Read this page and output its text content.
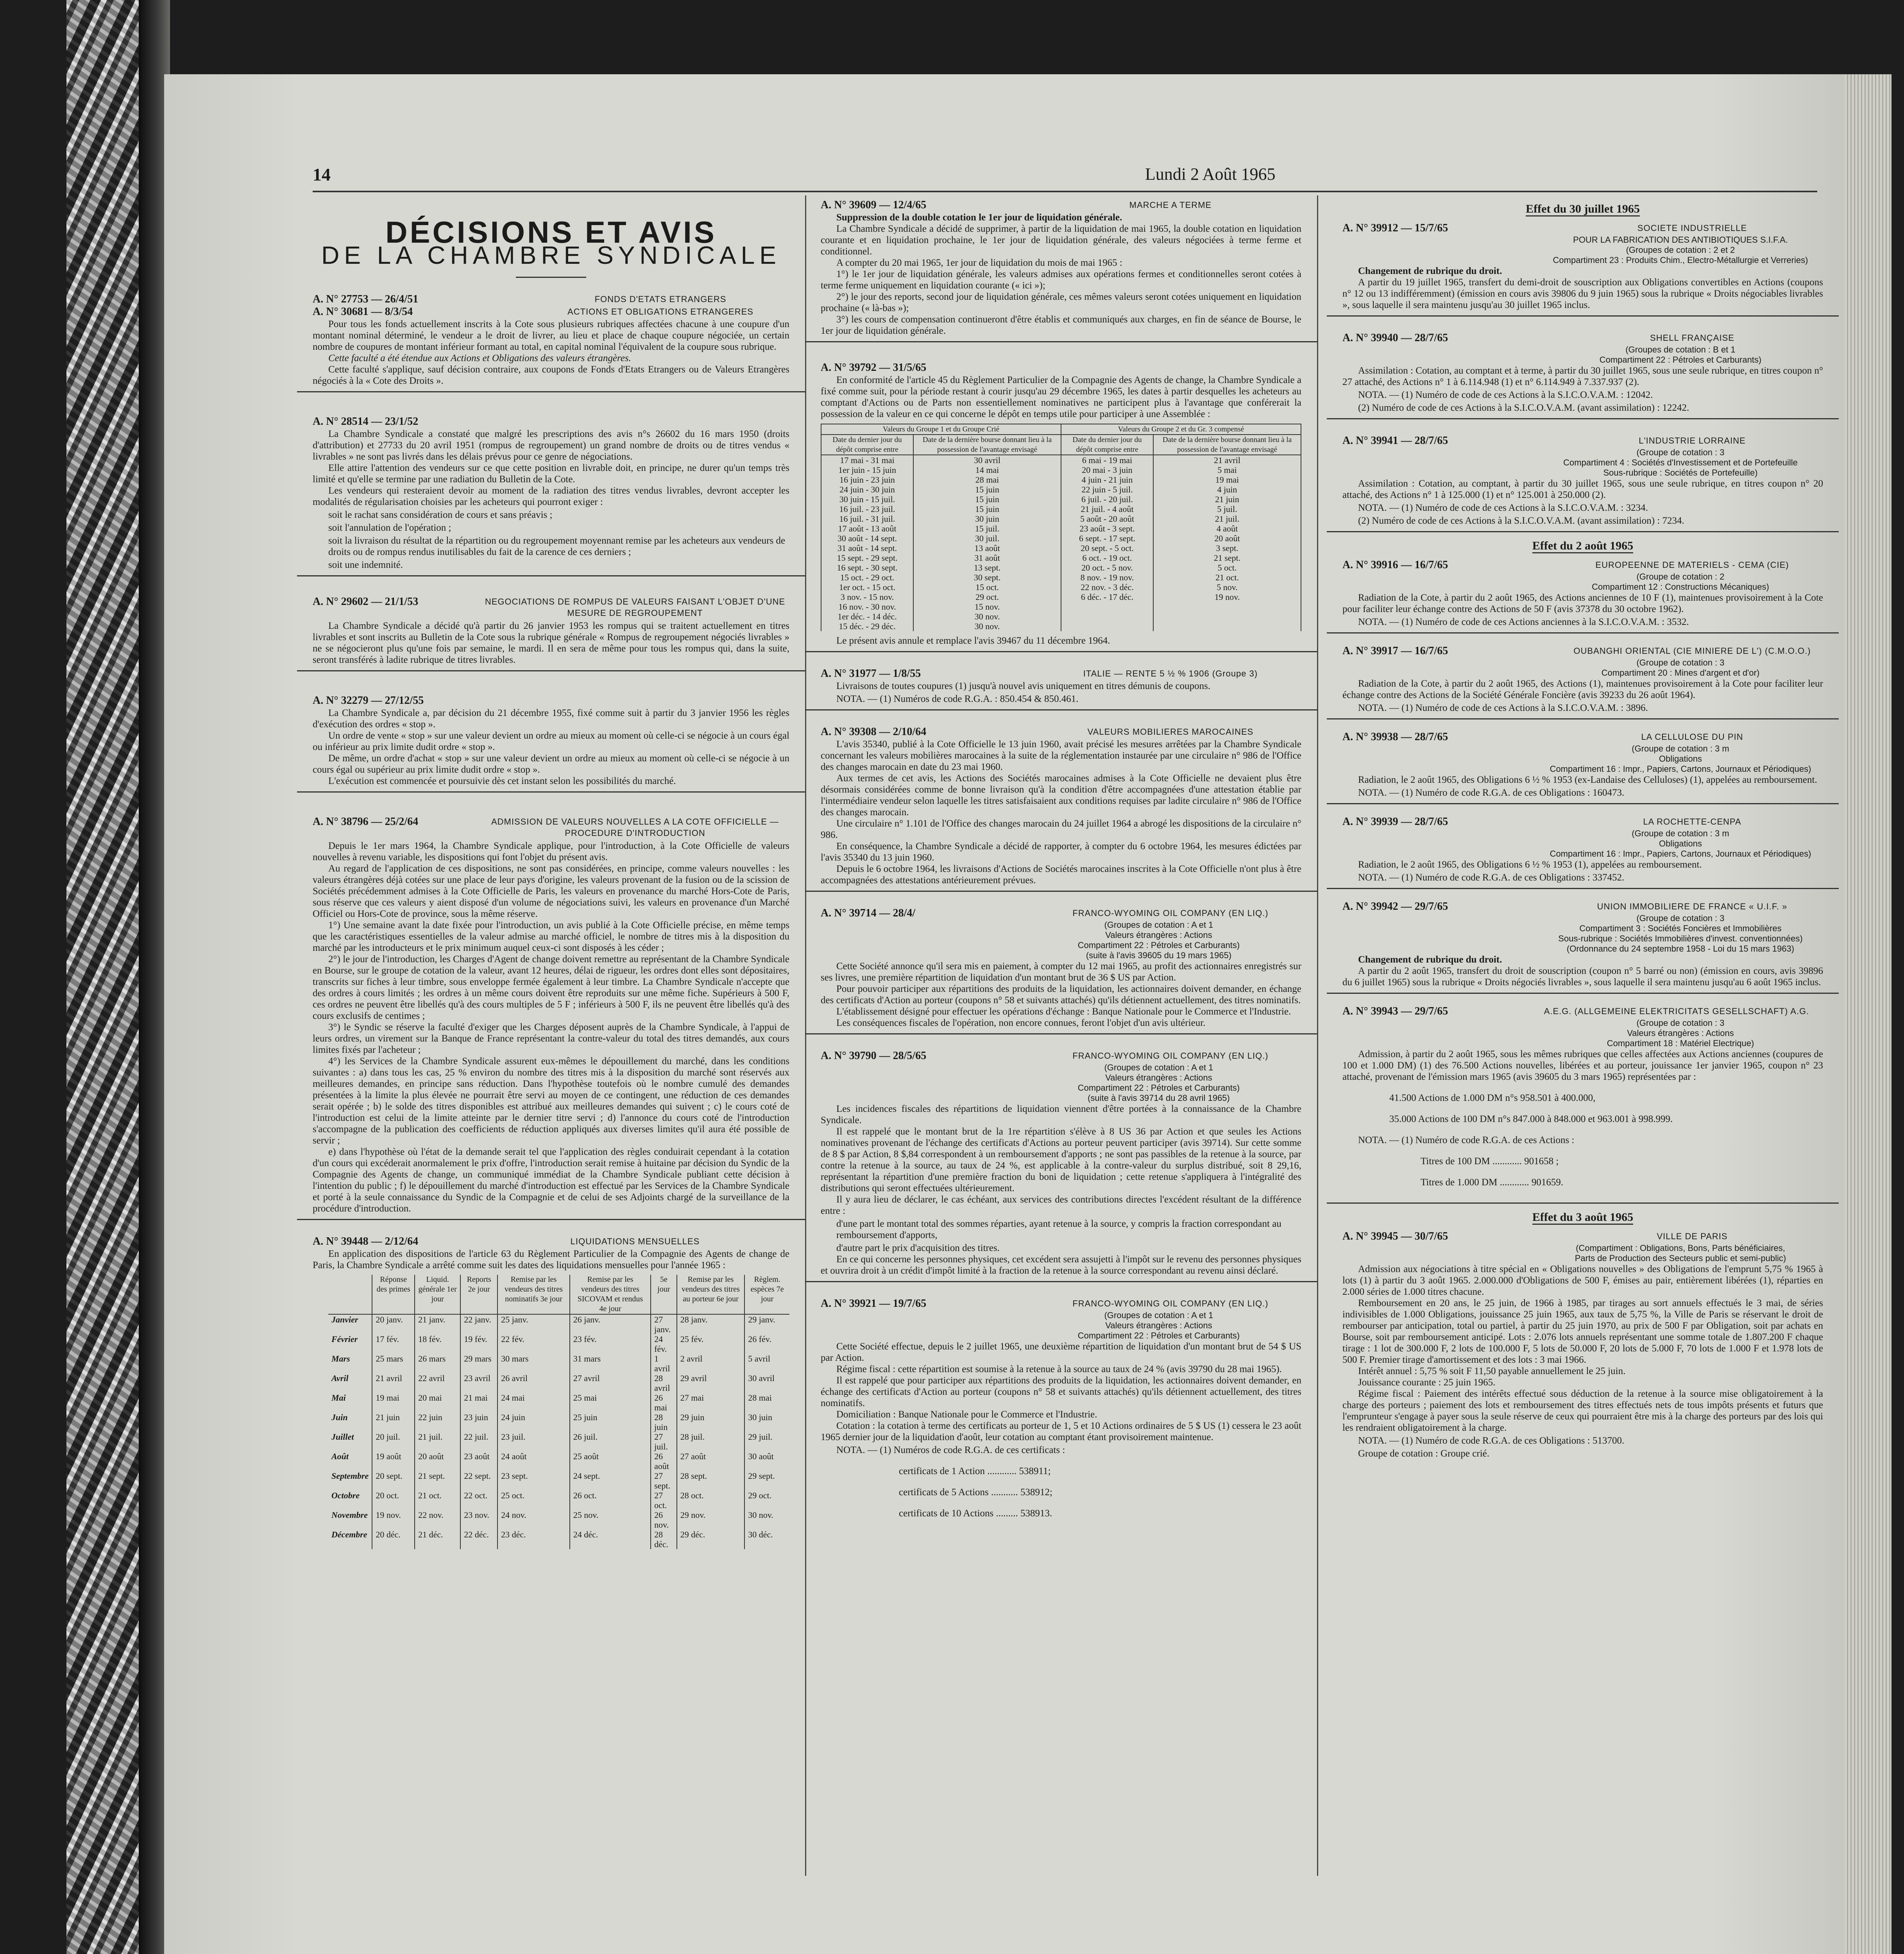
14	Lundi 2 Août 1965
DÉCISIONS ET AVIS
DE LA CHAMBRE SYNDICALE
A. N° 27753 — 26/4/51	FONDS D'ETATS ETRANGERS
A. N° 30681 — 8/3/54	ACTIONS ET OBLIGATIONS ETRANGERES

Pour tous les fonds actuellement inscrits à la Cote sous plusieurs rubriques affectées chacune à une coupure d'un montant nominal déterminé, le vendeur a le droit de livrer, au lieu et place de chaque coupure négociée, un certain nombre de coupures de montant inférieur formant au total, en capital nominal l'équivalent de la coupure sous rubrique.

Cette faculté a été étendue aux Actions et Obligations des valeurs étrangères.

Cette faculté s'applique, sauf décision contraire, aux coupons de Fonds d'Etats Etrangers ou de Valeurs Etrangères négociés à la « Cote des Droits ».

A. N° 28514 — 23/1/52

La Chambre Syndicale a constaté que malgré les prescriptions des avis n°s 26602 du 16 mars 1950 (droits d'attribution) et 27733 du 20 avril 1951 (rompus de regroupement) un grand nombre de droits ou de titres vendus « livrables » ne sont pas livrés dans les délais prévus pour ce genre de négociations.

Elle attire l'attention des vendeurs sur ce que cette position en livrable doit, en principe, ne durer qu'un temps très limité et qu'elle se termine par une radiation du Bulletin de la Cote.

Les vendeurs qui resteraient devoir au moment de la radiation des titres vendus livrables, devront accepter les modalités de régularisation choisies par les acheteurs qui pourront exiger :

soit le rachat sans considération de cours et sans préavis ;

soit l'annulation de l'opération ;

soit la livraison du résultat de la répartition ou du regroupement moyennant remise par les acheteurs aux vendeurs de droits ou de rompus rendus inutilisables du fait de la carence de ces derniers ;

soit une indemnité.

A. N° 29602 — 21/1/53	NEGOCIATIONS DE ROMPUS DE VALEURS FAISANT L'OBJET D'UNE MESURE DE REGROUPEMENT

La Chambre Syndicale a décidé qu'à partir du 26 janvier 1953 les rompus qui se traitent actuellement en titres livrables et sont inscrits au Bulletin de la Cote sous la rubrique générale « Rompus de regroupement négociés livrables » ne se négocieront plus qu'une fois par semaine, le mardi. Il en sera de même pour tous les rompus qui, dans la suite, seront transférés à ladite rubrique de titres livrables.

A. N° 32279 — 27/12/55

La Chambre Syndicale a, par décision du 21 décembre 1955, fixé comme suit à partir du 3 janvier 1956 les règles d'exécution des ordres « stop ».

Un ordre de vente « stop » sur une valeur devient un ordre au mieux au moment où celle-ci se négocie à un cours égal ou inférieur au prix limite dudit ordre « stop ».

De même, un ordre d'achat « stop » sur une valeur devient un ordre au mieux au moment où celle-ci se négocie à un cours égal ou supérieur au prix limite dudit ordre « stop ».

L'exécution est commencée et poursuivie dès cet instant selon les possibilités du marché.

A. N° 38796 — 25/2/64	ADMISSION DE VALEURS NOUVELLES A LA COTE OFFICIELLE — PROCEDURE D'INTRODUCTION

Depuis le 1er mars 1964, la Chambre Syndicale applique, pour l'introduction, à la Cote Officielle de valeurs nouvelles à revenu variable, les dispositions qui font l'objet du présent avis.

Au regard de l'application de ces dispositions, ne sont pas considérées, en principe, comme valeurs nouvelles : les valeurs étrangères déjà cotées sur une place de leur pays d'origine, les valeurs provenant de la fusion ou de la scission de Sociétés précédemment admises à la Cote Officielle de Paris, les valeurs en provenance du marché Hors-Cote de Paris, sous réserve que ces valeurs y aient disposé d'un volume de négociations suivi, les valeurs en provenance d'un Marché Officiel ou Hors-Cote de province, sous la même réserve.

1°) Une semaine avant la date fixée pour l'introduction, un avis publié à la Cote Officielle précise, en même temps que les caractéristiques essentielles de la valeur admise au marché officiel, le nombre de titres mis à la disposition du marché par les introducteurs et le prix minimum auquel ceux-ci sont disposés à les céder ;

2°) le jour de l'introduction, les Charges d'Agent de change doivent remettre au représentant de la Chambre Syndicale en Bourse, sur le groupe de cotation de la valeur, avant 12 heures, délai de rigueur, les ordres dont elles sont dépositaires, transcrits sur fiches à leur timbre, sous enveloppe fermée également à leur timbre. La Chambre Syndicale n'accepte que des ordres à cours limités ; les ordres à un même cours doivent être reproduits sur une même fiche. Supérieurs à 500 F, ces ordres ne peuvent être libellés qu'à des cours multiples de 5 F ; inférieurs à 500 F, ils ne peuvent être libellés qu'à des cours exclusifs de centimes ;

3°) le Syndic se réserve la faculté d'exiger que les Charges déposent auprès de la Chambre Syndicale, à l'appui de leurs ordres, un virement sur la Banque de France représentant la contre-valeur du total des titres demandés, aux cours limites fixés par l'acheteur ;

4°) les Services de la Chambre Syndicale assurent eux-mêmes le dépouillement du marché, dans les conditions suivantes : a) dans tous les cas, 25 % environ du nombre des titres mis à la disposition du marché sont réservés aux meilleures demandes, en principe sans réduction. Dans l'hypothèse toutefois où le nombre cumulé des demandes présentées à la limite la plus élevée ne pourrait être servi au moyen de ce contingent, une réduction de ces demandes serait opérée ; b) le solde des titres disponibles est attribué aux meilleures demandes qui suivent ; c) le cours coté de l'introduction est celui de la limite atteinte par le dernier titre servi ; d) l'annonce du cours coté de l'introduction s'accompagne de la publication des coefficients de réduction appliqués aux diverses limites qu'il aura été possible de servir ;

e) dans l'hypothèse où l'état de la demande serait tel que l'application des règles conduirait cependant à la cotation d'un cours qui excéderait anormalement le prix d'offre, l'introduction serait remise à huitaine par décision du Syndic de la Compagnie des Agents de change, un communiqué immédiat de la Chambre Syndicale publiant cette décision à l'intention du public ; f) le dépouillement du marché d'introduction est effectué par les Services de la Chambre Syndicale et porté à la seule connaissance du Syndic de la Compagnie et de celui de ses Adjoints chargé de la surveillance de la procédure d'introduction.

A. N° 39448 — 2/12/64	LIQUIDATIONS MENSUELLES

En application des dispositions de l'article 63 du Règlement Particulier de la Compagnie des Agents de change de Paris, la Chambre Syndicale a arrêté comme suit les dates des liquidations mensuelles pour l'année 1965 :

	Réponse des primes	Liquid. générale 1er jour	Reports 2e jour	Remise par les vendeurs des titres nominatifs 3e jour	Remise par les vendeurs des titres SICOVAM et rendus 4e jour	5e jour	Remise par les vendeurs des titres au porteur 6e jour	Règlem. espèces 7e jour
Janvier	20 janv.	21 janv.	22 janv.	25 janv.	26 janv.	27 janv.	28 janv.	29 janv.
Février	17 fév.	18 fév.	19 fév.	22 fév.	23 fév.	24 fév.	25 fév.	26 fév.
Mars	25 mars	26 mars	29 mars	30 mars	31 mars	1 avril	2 avril	5 avril
Avril	21 avril	22 avril	23 avril	26 avril	27 avril	28 avril	29 avril	30 avril
Mai	19 mai	20 mai	21 mai	24 mai	25 mai	26 mai	27 mai	28 mai
Juin	21 juin	22 juin	23 juin	24 juin	25 juin	28 juin	29 juin	30 juin
Juillet	20 juil.	21 juil.	22 juil.	23 juil.	26 juil.	27 juil.	28 juil.	29 juil.
Août	19 août	20 août	23 août	24 août	25 août	26 août	27 août	30 août
Septembre	20 sept.	21 sept.	22 sept.	23 sept.	24 sept.	27 sept.	28 sept.	29 sept.
Octobre	20 oct.	21 oct.	22 oct.	25 oct.	26 oct.	27 oct.	28 oct.	29 oct.
Novembre	19 nov.	22 nov.	23 nov.	24 nov.	25 nov.	26 nov.	29 nov.	30 nov.
Décembre	20 déc.	21 déc.	22 déc.	23 déc.	24 déc.	28 déc.	29 déc.	30 déc.
A. N° 39609 — 12/4/65	MARCHE A TERME

Suppression de la double cotation le 1er jour de liquidation générale.

La Chambre Syndicale a décidé de supprimer, à partir de la liquidation de mai 1965, la double cotation en liquidation courante et en liquidation prochaine, le 1er jour de liquidation générale, des valeurs négociées à terme ferme et conditionnel.

A compter du 20 mai 1965, 1er jour de liquidation du mois de mai 1965 :

1°) le 1er jour de liquidation générale, les valeurs admises aux opérations fermes et conditionnelles seront cotées à terme ferme uniquement en liquidation courante (« ici »);

2°) le jour des reports, second jour de liquidation générale, ces mêmes valeurs seront cotées uniquement en liquidation prochaine (« là-bas »);

3°) les cours de compensation continueront d'être établis et communiqués aux charges, en fin de séance de Bourse, le 1er jour de liquidation générale.

A. N° 39792 — 31/5/65

En conformité de l'article 45 du Règlement Particulier de la Compagnie des Agents de change, la Chambre Syndicale a fixé comme suit, pour la période restant à courir jusqu'au 29 décembre 1965, les dates à partir desquelles les acheteurs au comptant d'Actions ou de Parts non essentiellement nominatives ne participent plus à l'avantage que conférerait la possession de la valeur en ce qui concerne le dépôt en temps utile pour participer à une Assemblée :

Valeurs du Groupe 1 et du Groupe Crié		Valeurs du Groupe 2 et du Gr. 3 compensé	
Date du dernier jour du dépôt comprise entre	Date de la dernière bourse donnant lieu à la possession de l'avantage envisagé	Date du dernier jour du dépôt comprise entre	Date de la dernière bourse donnant lieu à la possession de l'avantage envisagé
17 mai - 31 mai	30 avril	6 mai - 19 mai	21 avril
1er juin - 15 juin	14 mai	20 mai - 3 juin	5 mai
16 juin - 23 juin	28 mai	4 juin - 21 juin	19 mai
24 juin - 30 juin	15 juin	22 juin - 5 juil.	4 juin
30 juin - 15 juil.	15 juin	6 juil. - 20 juil.	21 juin
16 juil. - 23 juil.	15 juin	21 juil. - 4 août	5 juil.
16 juil. - 31 juil.	30 juin	5 août - 20 août	21 juil.
17 août - 13 août	15 juil.	23 août - 3 sept.	4 août
30 août - 14 sept.	30 juil.	6 sept. - 17 sept.	20 août
31 août - 14 sept.	13 août	20 sept. - 5 oct.	3 sept.
15 sept. - 29 sept.	31 août	6 oct. - 19 oct.	21 sept.
16 sept. - 30 sept.	13 sept.	20 oct. - 5 nov.	5 oct.
15 oct. - 29 oct.	30 sept.	8 nov. - 19 nov.	21 oct.
1er oct. - 15 oct.	15 oct.	22 nov. - 3 déc.	5 nov.
3 nov. - 15 nov.	29 oct.	6 déc. - 17 déc.	19 nov.
16 nov. - 30 nov.	15 nov.		
1er déc. - 14 déc.	30 nov.		
15 déc. - 29 déc.	30 nov.		

Le présent avis annule et remplace l'avis 39467 du 11 décembre 1964.

A. N° 31977 — 1/8/55	ITALIE — RENTE 5 ½ % 1906 (Groupe 3)

Livraisons de toutes coupures (1) jusqu'à nouvel avis uniquement en titres démunis de coupons.

NOTA. — (1) Numéros de code R.G.A. : 850.454 & 850.461.

A. N° 39308 — 2/10/64	VALEURS MOBILIERES MAROCAINES

L'avis 35340, publié à la Cote Officielle le 13 juin 1960, avait précisé les mesures arrêtées par la Chambre Syndicale concernant les valeurs mobilières marocaines à la suite de la réglementation instaurée par une circulaire n° 986 de l'Office des changes marocain en date du 23 mai 1960.

Aux termes de cet avis, les Actions des Sociétés marocaines admises à la Cote Officielle ne devaient plus être désormais considérées comme de bonne livraison qu'à la condition d'être accompagnées d'une attestation établie par l'intermédiaire vendeur selon laquelle les titres satisfaisaient aux conditions requises par ladite circulaire n° 986 de l'Office des changes marocain.

Une circulaire n° 1.101 de l'Office des changes marocain du 24 juillet 1964 a abrogé les dispositions de la circulaire n° 986.

En conséquence, la Chambre Syndicale a décidé de rapporter, à compter du 6 octobre 1964, les mesures édictées par l'avis 35340 du 13 juin 1960.

Depuis le 6 octobre 1964, les livraisons d'Actions de Sociétés marocaines inscrites à la Cote Officielle n'ont plus à être accompagnées des attestations antérieurement prévues.

A. N° 39714 — 28/4/	FRANCO-WYOMING OIL COMPANY (EN LIQ.)
(Groupes de cotation : A et 1
Valeurs étrangères : Actions
Compartiment 22 : Pétroles et Carburants)
(suite à l'avis 39605 du 19 mars 1965)

Cette Société annonce qu'il sera mis en paiement, à compter du 12 mai 1965, au profit des actionnaires enregistrés sur ses livres, une première répartition de liquidation d'un montant brut de 36 $ US par Action.

Pour pouvoir participer aux répartitions des produits de la liquidation, les actionnaires doivent demander, en échange des certificats d'Action au porteur (coupons n° 58 et suivants attachés) qu'ils détiennent actuellement, des titres nominatifs.

L'établissement désigné pour effectuer les opérations d'échange : Banque Nationale pour le Commerce et l'Industrie.

Les conséquences fiscales de l'opération, non encore connues, feront l'objet d'un avis ultérieur.

A. N° 39790 — 28/5/65	FRANCO-WYOMING OIL COMPANY (EN LIQ.)
(Groupes de cotation : A et 1
Valeurs étrangères : Actions
Compartiment 22 : Pétroles et Carburants)
(suite à l'avis 39714 du 28 avril 1965)

Les incidences fiscales des répartitions de liquidation viennent d'être portées à la connaissance de la Chambre Syndicale.

Il est rappelé que le montant brut de la 1re répartition s'élève à 8 US 36 par Action et que seules les Actions nominatives provenant de l'échange des certificats d'Actions au porteur peuvent participer (avis 39714). Sur cette somme de 8 $ par Action, 8 $,84 correspondent à un remboursement d'apports ; ne sont pas passibles de la retenue à la source, par contre la retenue à la source, au taux de 24 %, est applicable à la contre-valeur du surplus distribué, soit 8 29,16, représentant la répartition d'une première fraction du boni de liquidation ; cette retenue s'appliquera à l'intégralité des distributions qui seront effectuées ultérieurement.

Il y aura lieu de déclarer, le cas échéant, aux services des contributions directes l'excédent résultant de la différence entre :

d'une part le montant total des sommes réparties, ayant retenue à la source, y compris la fraction correspondant au remboursement d'apports,

d'autre part le prix d'acquisition des titres.

En ce qui concerne les personnes physiques, cet excédent sera assujetti à l'impôt sur le revenu des personnes physiques et ouvrira droit à un crédit d'impôt limité à la fraction de la retenue à la source correspondant au revenu ainsi déclaré.

A. N° 39921 — 19/7/65	FRANCO-WYOMING OIL COMPANY (EN LIQ.)
(Groupes de cotation : A et 1
Valeurs étrangères : Actions
Compartiment 22 : Pétroles et Carburants)

Cette Société effectue, depuis le 2 juillet 1965, une deuxième répartition de liquidation d'un montant brut de 54 $ US par Action.

Régime fiscal : cette répartition est soumise à la retenue à la source au taux de 24 % (avis 39790 du 28 mai 1965).

Il est rappelé que pour participer aux répartitions des produits de la liquidation, les actionnaires doivent demander, en échange des certificats d'Action au porteur (coupons n° 58 et suivants attachés) qu'ils détiennent actuellement, des titres nominatifs.

Domiciliation : Banque Nationale pour le Commerce et l'Industrie.

Cotation : la cotation à terme des certificats au porteur de 1, 5 et 10 Actions ordinaires de 5 $ US (1) cessera le 23 août 1965 dernier jour de la liquidation d'août, leur cotation au comptant étant provisoirement maintenue.

NOTA. — (1) Numéros de code R.G.A. de ces certificats :

certificats de 1 Action ............ 538911;

certificats de 5 Actions ........... 538912;

certificats de 10 Actions ......... 538913.

Effet du 30 juillet 1965
A. N° 39912 — 15/7/65	SOCIETE INDUSTRIELLE
POUR LA FABRICATION DES ANTIBIOTIQUES S.I.F.A.
(Groupes de cotation : 2 et 2
Compartiment 23 : Produits Chim., Electro-Métallurgie et Verreries)

Changement de rubrique du droit.

A partir du 19 juillet 1965, transfert du demi-droit de souscription aux Obligations convertibles en Actions (coupons n° 12 ou 13 indifféremment) (émission en cours avis 39806 du 9 juin 1965) sous la rubrique « Droits négociables livrables », sous laquelle il sera maintenu jusqu'au 30 juillet 1965 inclus.

A. N° 39940 — 28/7/65	SHELL FRANÇAISE
(Groupes de cotation : B et 1
Compartiment 22 : Pétroles et Carburants)

Assimilation : Cotation, au comptant et à terme, à partir du 30 juillet 1965, sous une seule rubrique, en titres coupon n° 27 attaché, des Actions n° 1 à 6.114.948 (1) et n° 6.114.949 à 7.337.937 (2).

NOTA. — (1) Numéro de code de ces Actions à la S.I.C.O.V.A.M. : 12042.

(2) Numéro de code de ces Actions à la S.I.C.O.V.A.M. (avant assimilation) : 12242.

A. N° 39941 — 28/7/65	L'INDUSTRIE LORRAINE
(Groupe de cotation : 3
Compartiment 4 : Sociétés d'Investissement et de Portefeuille
Sous-rubrique : Sociétés de Portefeuille)

Assimilation : Cotation, au comptant, à partir du 30 juillet 1965, sous une seule rubrique, en titres coupon n° 20 attaché, des Actions n° 1 à 125.000 (1) et n° 125.001 à 250.000 (2).

NOTA. — (1) Numéro de code de ces Actions à la S.I.C.O.V.A.M. : 3234.

(2) Numéro de code de ces Actions à la S.I.C.O.V.A.M. (avant assimilation) : 7234.

Effet du 2 août 1965
A. N° 39916 — 16/7/65	EUROPEENNE DE MATERIELS - CEMA (CIE)
(Groupe de cotation : 2
Compartiment 12 : Constructions Mécaniques)

Radiation de la Cote, à partir du 2 août 1965, des Actions anciennes de 10 F (1), maintenues provisoirement à la Cote pour faciliter leur échange contre des Actions de 50 F (avis 37378 du 30 octobre 1962).

NOTA. — (1) Numéro de code de ces Actions anciennes à la S.I.C.O.V.A.M. : 3532.

A. N° 39917 — 16/7/65	OUBANGHI ORIENTAL (CIE MINIERE DE L') (C.M.O.O.)
(Groupe de cotation : 3
Compartiment 20 : Mines d'argent et d'or)

Radiation de la Cote, à partir du 2 août 1965, des Actions (1), maintenues provisoirement à la Cote pour faciliter leur échange contre des Actions de la Société Générale Foncière (avis 39233 du 26 août 1964).

NOTA. — (1) Numéro de code de ces Actions à la S.I.C.O.V.A.M. : 3896.

A. N° 39938 — 28/7/65	LA CELLULOSE DU PIN
(Groupe de cotation : 3 m
Obligations
Compartiment 16 : Impr., Papiers, Cartons, Journaux et Périodiques)

Radiation, le 2 août 1965, des Obligations 6 ½ % 1953 (ex-Landaise des Celluloses) (1), appelées au remboursement.

NOTA. — (1) Numéro de code R.G.A. de ces Obligations : 160473.

A. N° 39939 — 28/7/65	LA ROCHETTE-CENPA
(Groupe de cotation : 3 m
Obligations
Compartiment 16 : Impr., Papiers, Cartons, Journaux et Périodiques)

Radiation, le 2 août 1965, des Obligations 6 ½ % 1953 (1), appelées au remboursement.

NOTA. — (1) Numéro de code R.G.A. de ces Obligations : 337452.

A. N° 39942 — 29/7/65	UNION IMMOBILIERE DE FRANCE « U.I.F. »
(Groupe de cotation : 3
Compartiment 3 : Sociétés Foncières et Immobilières
Sous-rubrique : Sociétés Immobilières d'invest. conventionnées)
(Ordonnance du 24 septembre 1958 - Loi du 15 mars 1963)

Changement de rubrique du droit.

A partir du 2 août 1965, transfert du droit de souscription (coupon n° 5 barré ou non) (émission en cours, avis 39896 du 6 juillet 1965) sous la rubrique « Droits négociés livrables », sous laquelle il sera maintenu jusqu'au 6 août 1965 inclus.

A. N° 39943 — 29/7/65	A.E.G. (ALLGEMEINE ELEKTRICITATS GESELLSCHAFT) A.G.
(Groupe de cotation : 3
Valeurs étrangères : Actions
Compartiment 18 : Matériel Electrique)

Admission, à partir du 2 août 1965, sous les mêmes rubriques que celles affectées aux Actions anciennes (coupures de 100 et 1.000 DM) (1) des 76.500 Actions nouvelles, libérées et au porteur, jouissance 1er janvier 1965, coupon n° 23 attaché, provenant de l'émission mars 1965 (avis 39605 du 3 mars 1965) représentées par :

41.500 Actions de 1.000 DM n°s 958.501 à 400.000,

35.000 Actions de 100 DM n°s 847.000 à 848.000 et 963.001 à 998.999.

NOTA. — (1) Numéro de code R.G.A. de ces Actions :

Titres de 100 DM ............ 901658 ;

Titres de 1.000 DM ............ 901659.

Effet du 3 août 1965
A. N° 39945 — 30/7/65	VILLE DE PARIS
(Compartiment : Obligations, Bons, Parts bénéficiaires,
Parts de Production des Secteurs public et semi-public)

Admission aux négociations à titre spécial en « Obligations nouvelles » des Obligations de l'emprunt 5,75 % 1965 à lots (1) à partir du 3 août 1965. 2.000.000 d'Obligations de 500 F, émises au pair, entièrement libérées (1), réparties en 2.000 séries de 1.000 titres chacune.

Remboursement en 20 ans, le 25 juin, de 1966 à 1985, par tirages au sort annuels effectués le 3 mai, de séries indivisibles de 1.000 Obligations, jouissance 25 juin 1965, aux taux de 5,75 %, la Ville de Paris se réservant le droit de rembourser par anticipation, total ou partiel, à partir du 25 juin 1970, au prix de 500 F par Obligation, soit par achats en Bourse, soit par remboursement anticipé. Lots : 2.076 lots annuels représentant une somme totale de 1.807.200 F chaque tirage : 1 lot de 300.000 F, 2 lots de 100.000 F, 5 lots de 50.000 F, 20 lots de 5.000 F, 70 lots de 1.000 F et 1.978 lots de 500 F. Premier tirage d'amortissement et des lots : 3 mai 1966.

Intérêt annuel : 5,75 % soit F 11,50 payable annuellement le 25 juin.

Jouissance courante : 25 juin 1965.

Régime fiscal : Paiement des intérêts effectué sous déduction de la retenue à la source mise obligatoirement à la charge des porteurs ; paiement des lots et remboursement des titres effectués nets de tous impôts présents et futurs que l'emprunteur s'engage à payer sous la seule réserve de ceux qui pourraient être mis à la charge des porteurs par des lois qui les rendraient obligatoirement à la charge.

NOTA. — (1) Numéro de code R.G.A. de ces Obligations : 513700.

Groupe de cotation : Groupe crié.
